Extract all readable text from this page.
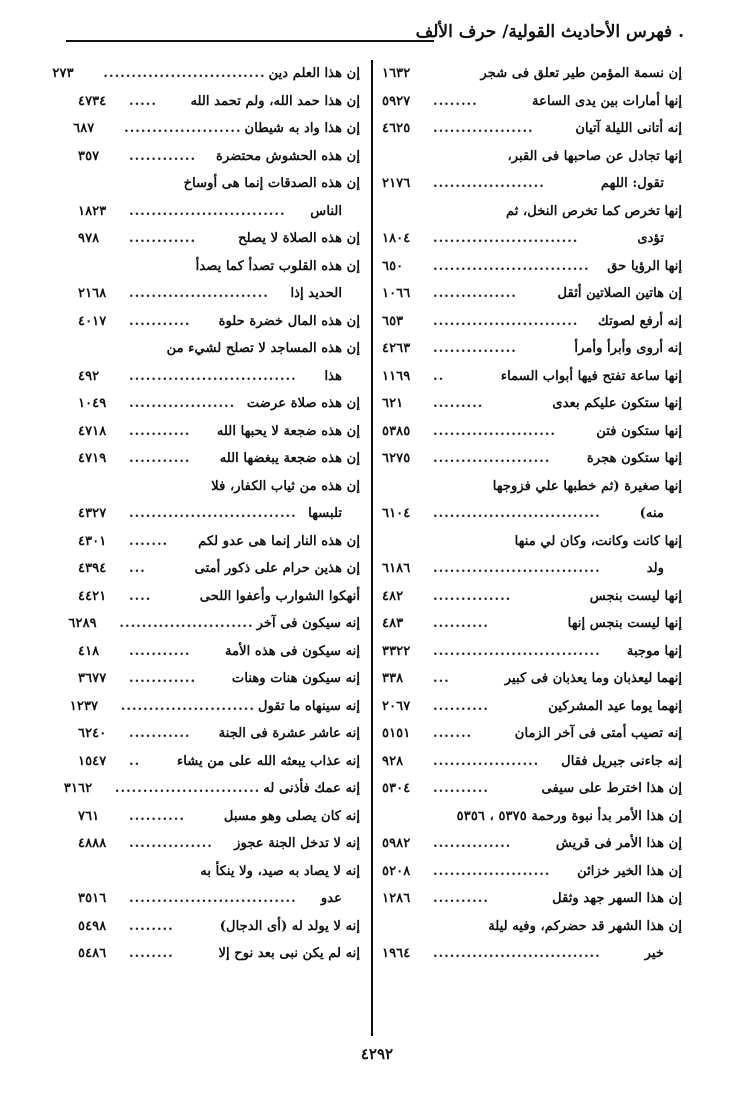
. فهرس الأحاديث القولية/ حرف الألف
إن نسمة المؤمن طير تعلق فى شجر
١٦٣٢
إنها أمارات بين يدى الساعة
........
٥٩٢٧
إنه أتانى الليلة آتيان
..................
٤٦٢٥
إنها تجادل عن صاحبها فى القبر،
تقول: اللهم
....................
٢١٧٦
إنها تخرص كما تخرص النخل، ثم
تؤدى
..........................
١٨٠٤
إنها الرؤيا حق
............................
٦٥٠
إن هاتين الصلاتين أثقل
...............
١٠٦٦
إنه أرفع لصوتك
..........................
٦٥٣
إنه أروى وأبرأ وأمرأ
...............
٤٢٦٣
إنها ساعة تفتح فيها أبواب السماء
..
١١٦٩
إنها ستكون عليكم بعدى
.........
٦٢١
إنها ستكون فتن
......................
٥٣٨٥
إنها ستكون هجرة
.....................
٦٢٧٥
إنها صغيرة (ثم خطبها علي فزوجها
منه)
..............................
٦١٠٤
إنها كانت وكانت، وكان لي منها
ولد
..............................
٦١٨٦
إنها ليست بنجس
..............
٤٨٢
إنها ليست بنجس إنها
..........
٤٨٣
إنها موجبة
..............................
٣٣٢٢
إنهما ليعذبان وما يعذبان فى كبير
...
٣٣٨
إنهما يوما عيد المشركين
..........
٢٠٦٧
إنه تصيب أمتى فى آخر الزمان
.......
٥١٥١
إنه جاءنى جبريل فقال
...................
٩٢٨
إن هذا اخترط على سيفى
..........
٥٣٠٤
إن هذا الأمر بدأ نبوة ورحمة ٥٣٧٥ ، ٥٣٥٦
إن هذا الأمر فى قريش
..............
٥٩٨٢
إن هذا الخير خزائن
.....................
٥٢٠٨
إن هذا السهر جهد وثقل
..........
١٢٨٦
إن هذا الشهر قد حضركم، وفيه ليلة
خير
..............................
١٩٦٤
إن هذا العلم دين
.............................
٢٧٣
إن هذا حمد الله، ولم تحمد الله
.....
٤٧٣٤
إن هذا واد به شيطان
.....................
٦٨٧
إن هذه الحشوش محتضرة
............
٣٥٧
إن هذه الصدقات إنما هى أوساخ
الناس
............................
١٨٢٣
إن هذه الصلاة لا يصلح
............
٩٧٨
إن هذه القلوب تصدأ كما يصدأ
الحديد إذا
.........................
٢١٦٨
إن هذه المال خضرة حلوة
...........
٤٠١٧
إن هذه المساجد لا تصلح لشيء من
هذا
..............................
٤٩٢
إن هذه صلاة عرضت
...................
١٠٤٩
إن هذه ضجعة لا يحبها الله
...........
٤٧١٨
إن هذه ضجعة يبغضها الله
...........
٤٧١٩
إن هذه من ثياب الكفار، فلا
تلبسها
..............................
٤٣٢٧
إن هذه النار إنما هى عدو لكم
.......
٤٣٠١
إن هذين حرام على ذكور أمتى
...
٤٣٩٤
أنهكوا الشوارب وأعفوا اللحى
....
٤٤٢١
إنه سيكون فى آخر
........................
٦٢٨٩
إنه سيكون فى هذه الأمة
...........
٤١٨
إنه سيكون هنات وهنات
............
٣٦٧٧
إنه سينهاه ما تقول
........................
١٢٣٧
إنه عاشر عشرة فى الجنة
...........
٦٢٤٠
إنه عذاب يبعثه الله على من يشاء
..
١٥٤٧
إنه عمك فأذنى له
..........................
٣١٦٢
إنه كان يصلى وهو مسبل
..........
٧٦١
إنه لا تدخل الجنة عجوز
...............
٤٨٨٨
إنه لا يصاد به صيد، ولا ينكأ به
عدو
..............................
٣٥١٦
إنه لا يولد له (أى الدجال)
........
٥٤٩٨
إنه لم يكن نبى بعد نوح إلا
........
٥٤٨٦
٤٢٩٢
